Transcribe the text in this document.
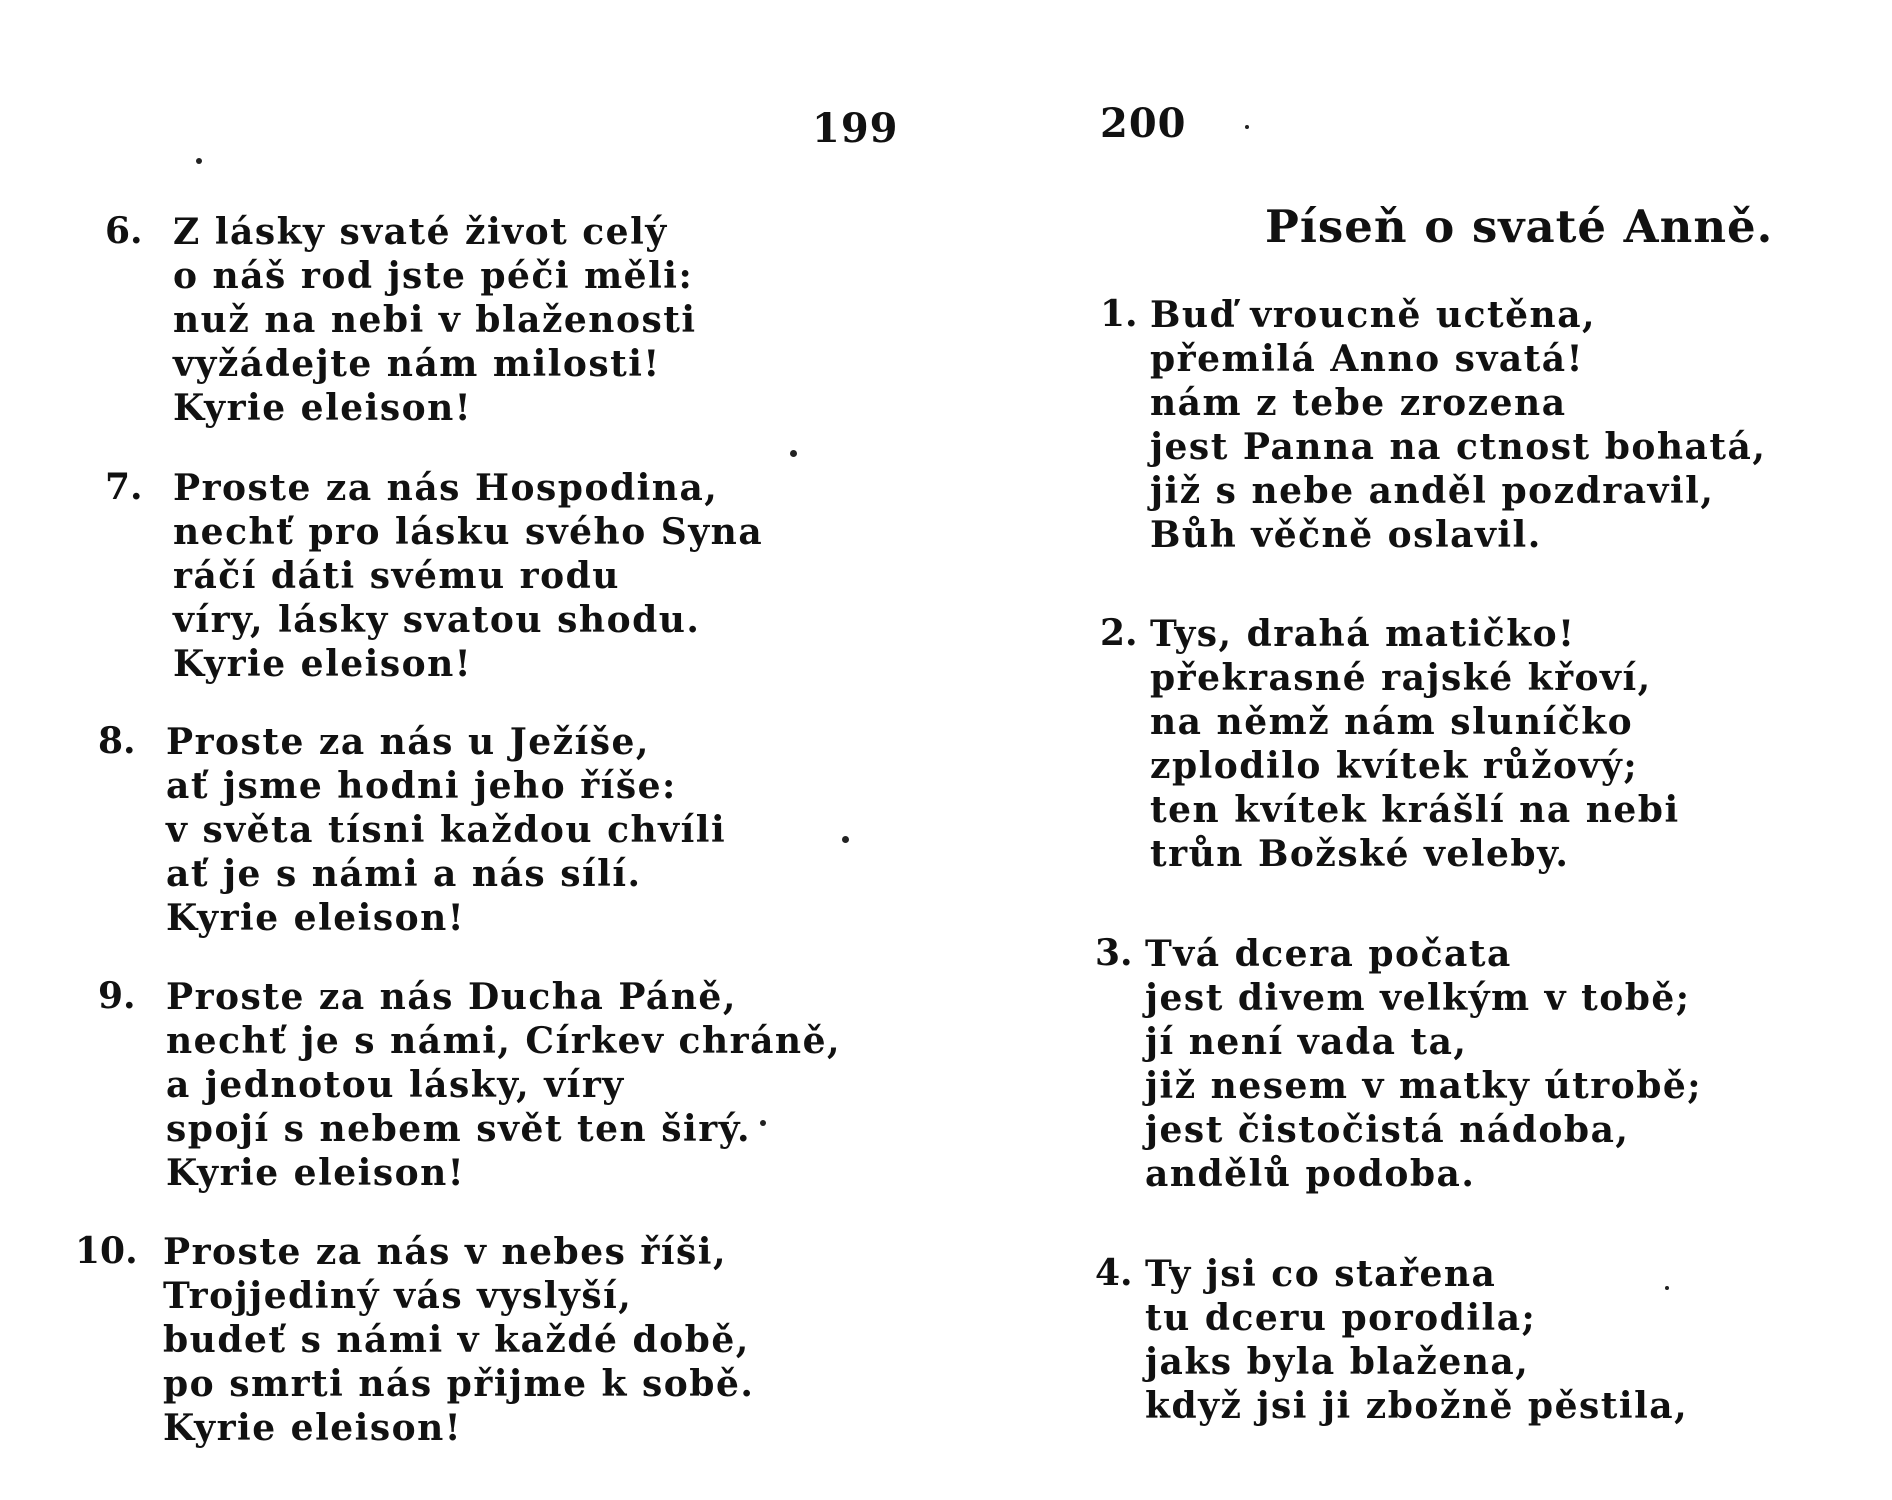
199	200
6. Z lásky svaté život celý
o náš rod jste péči měli:
nuž na nebi v blaženosti
vyžádejte nám milosti!
Kyrie eleison!
7. Proste za nás Hospodina,
nechť pro lásku svého Syna
ráčí dáti svému rodu
víry, lásky svatou shodu.
Kyrie eleison!
8. Proste za nás u Ježíše,
ať jsme hodni jeho říše:
v světa tísni každou chvíli
ať je s námi a nás sílí.
Kyrie eleison!
9. Proste za nás Ducha Páně,
nechť je s námi, Církev chráně,
a jednotou lásky, víry
spojí s nebem svět ten širý.
Kyrie eleison!
10. Proste za nás v nebes říši,
Trojjediný vás vyslyší,
budeť s námi v každé době,
po smrti nás přijme k sobě.
Kyrie eleison!
Píseň o svaté Anně.
1. Buď vroucně uctěna,
přemilá Anno svatá!
nám z tebe zrozena
jest Panna na ctnost bohatá,
již s nebe anděl pozdravil,
Bůh věčně oslavil.
2. Tys, drahá matičko!
překrasné rajské křoví,
na němž nám sluníčko
zplodilo kvítek růžový;
ten kvítek krášlí na nebi
trůn Božské veleby.
3. Tvá dcera počata
jest divem velkým v tobě;
jí není vada ta,
již nesem v matky útrobě;
jest čistočistá nádoba,
andělů podoba.
4. Ty jsi co stařena
tu dceru porodila;
jaks byla blažena,
když jsi ji zbožně pěstila,
